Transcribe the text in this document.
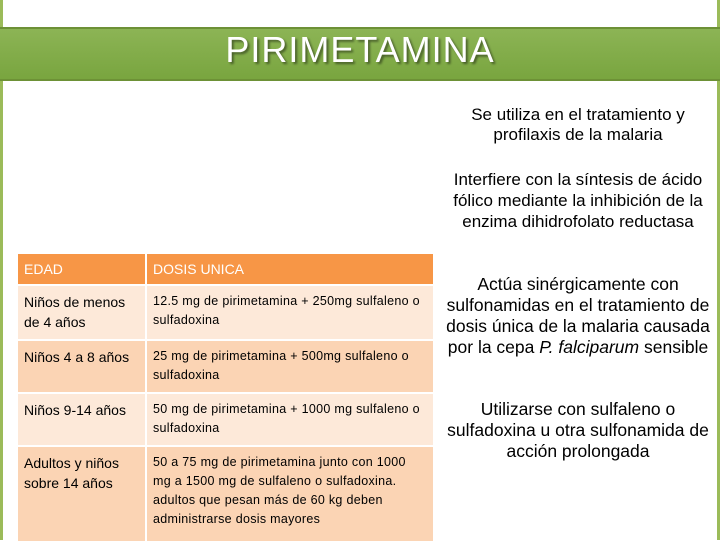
PIRIMETAMINA
Se utiliza en el tratamiento y profilaxis de la malaria
Interfiere con la síntesis de ácido fólico mediante la inhibición de la enzima dihidrofolato reductasa
Actúa sinérgicamente con sulfonamidas en el tratamiento de dosis única de la malaria causada por la cepa P. falciparum sensible
Utilizarse con sulfaleno o sulfadoxina u otra sulfonamida de acción prolongada
EDAD	DOSIS UNICA
Niños de menos de 4 años	12.5 mg de pirimetamina + 250mg sulfaleno o sulfadoxina
Niños 4 a 8 años	25 mg de pirimetamina + 500mg sulfaleno o sulfadoxina
Niños 9-14 años	50 mg de pirimetamina + 1000 mg sulfaleno o sulfadoxina
Adultos y niños sobre 14 años	50 a 75 mg de pirimetamina junto con 1000 mg a 1500 mg de sulfaleno o sulfadoxina. adultos que pesan más de 60 kg deben administrarse dosis mayores
